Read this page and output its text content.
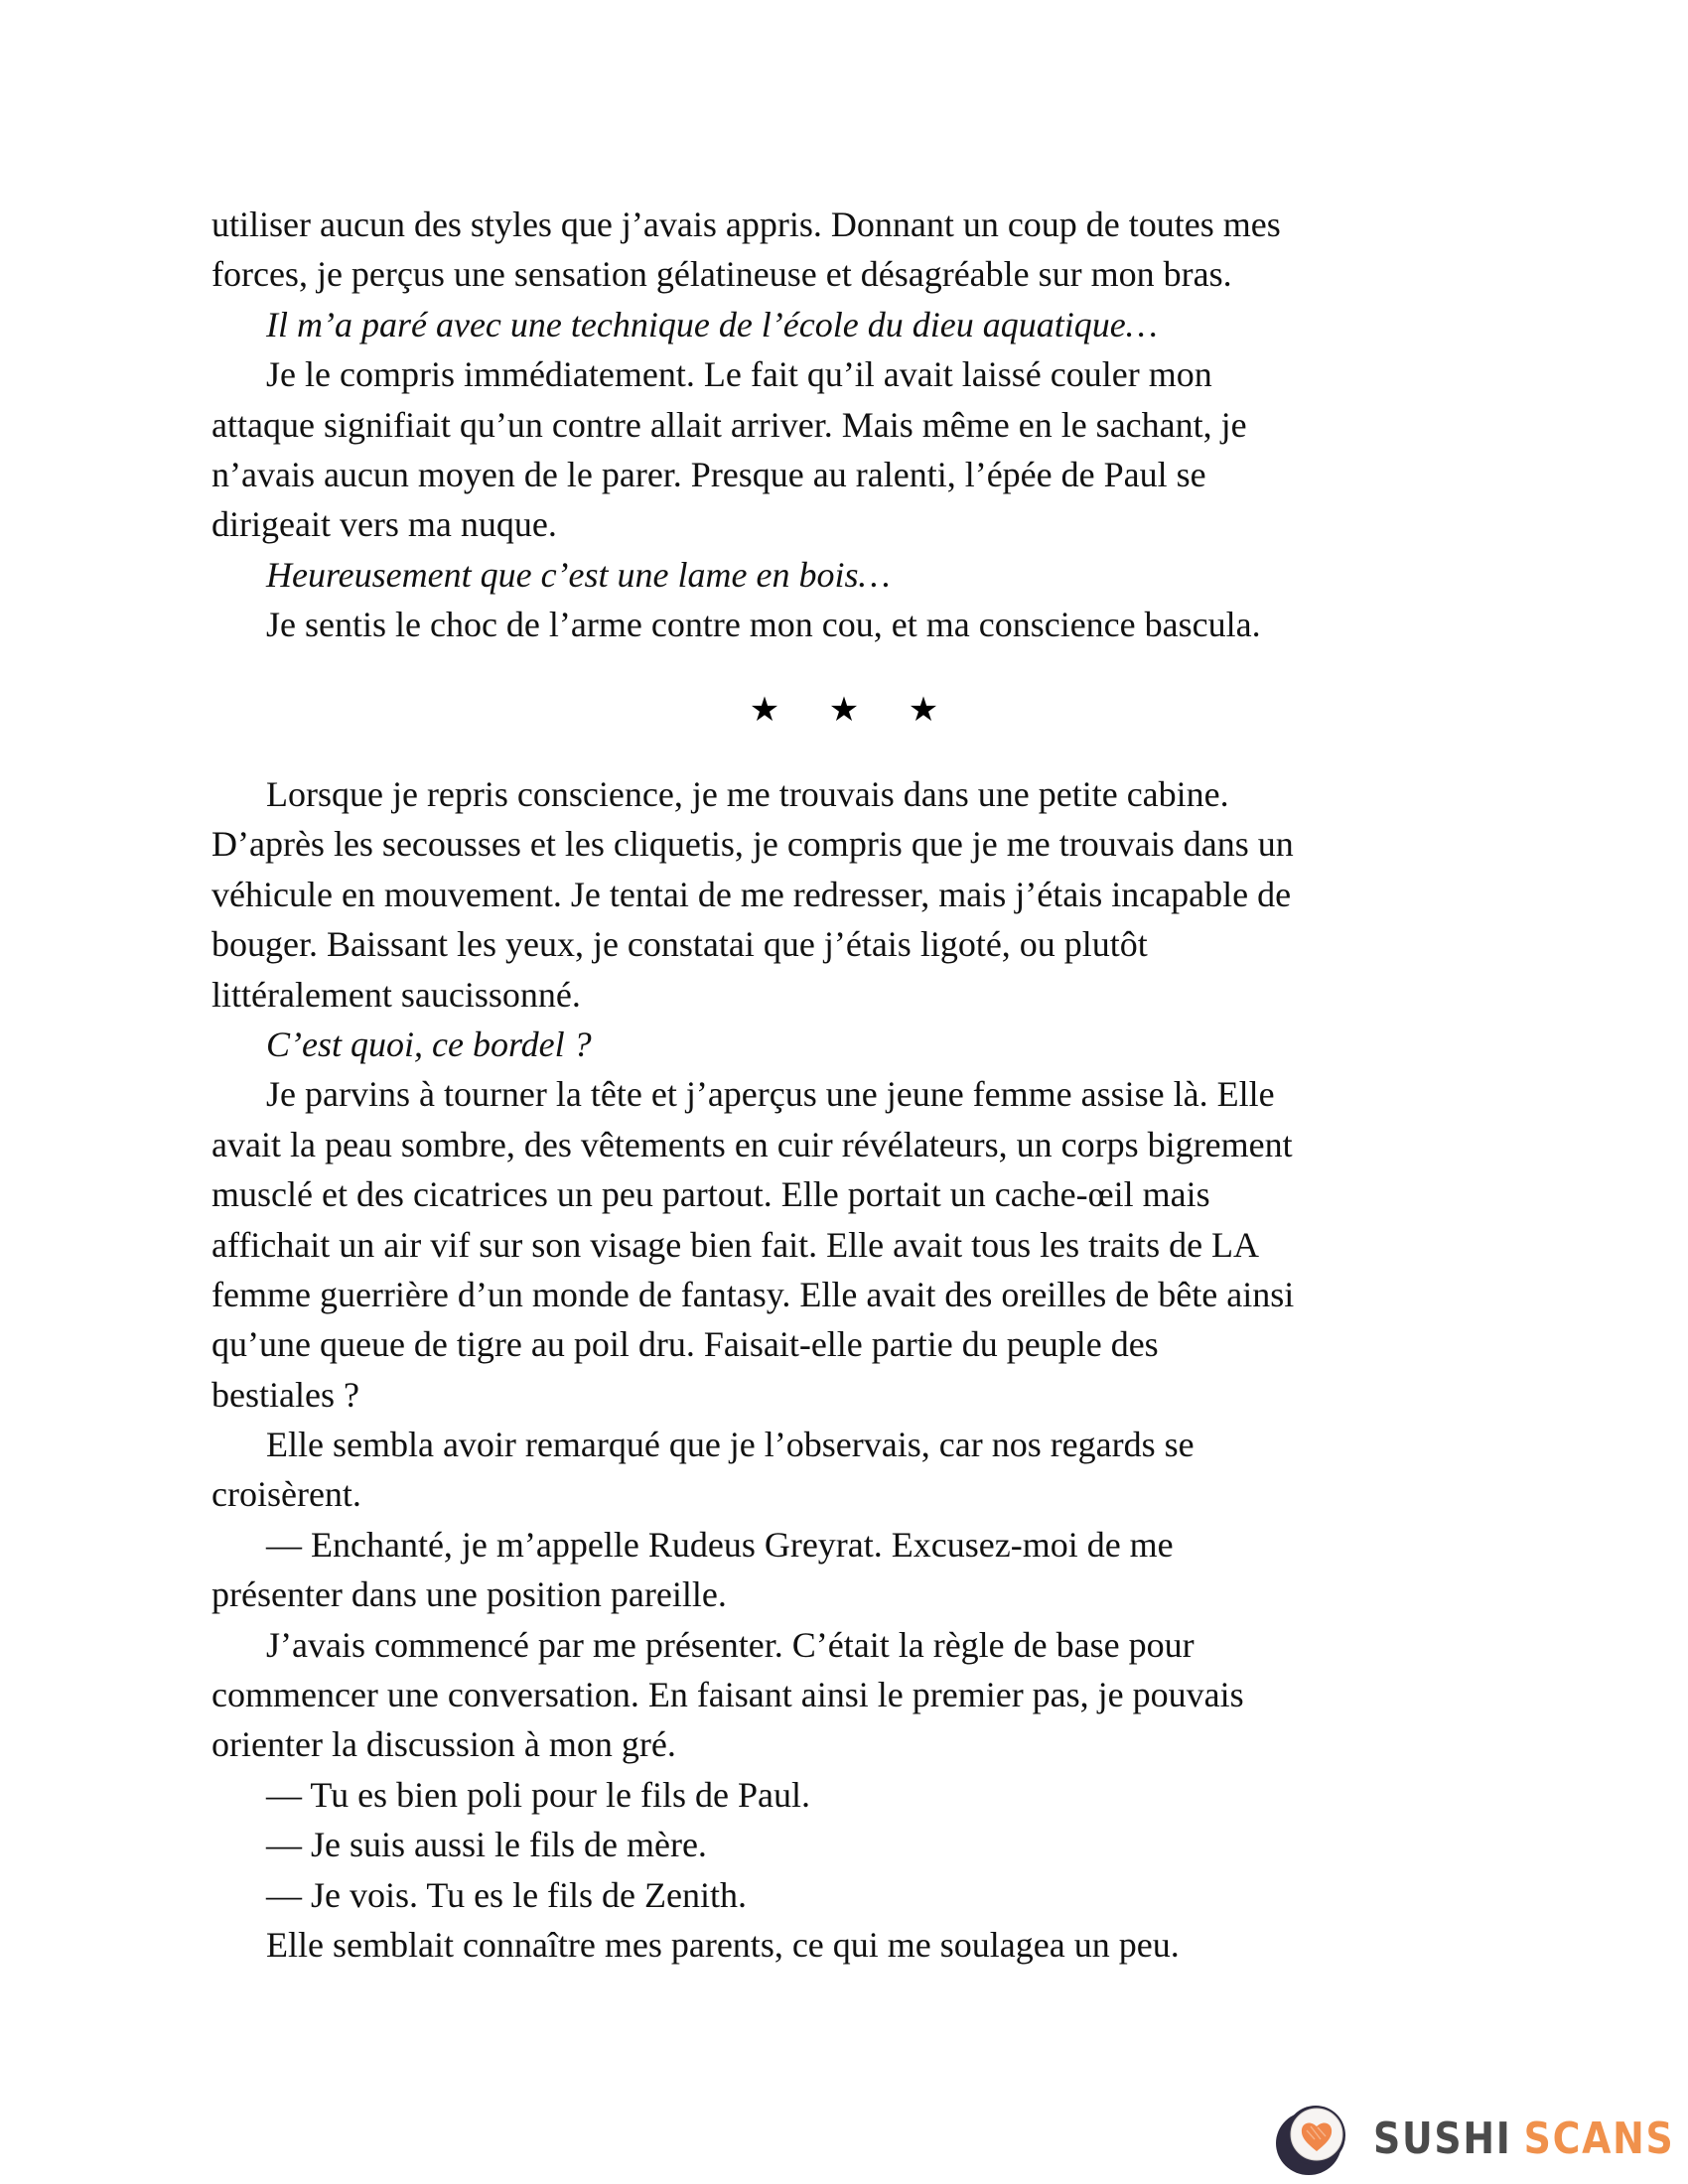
utiliser aucun des styles que j’avais appris. Donnant un coup de toutes mes
forces, je perçus une sensation gélatineuse et désagréable sur mon bras.
Il m’a paré avec une technique de l’école du dieu aquatique…
Je le compris immédiatement. Le fait qu’il avait laissé couler mon
attaque signifiait qu’un contre allait arriver. Mais même en le sachant, je
n’avais aucun moyen de le parer. Presque au ralenti, l’épée de Paul se
dirigeait vers ma nuque.
Heureusement que c’est une lame en bois…
Je sentis le choc de l’arme contre mon cou, et ma conscience bascula.
★	★	★
Lorsque je repris conscience, je me trouvais dans une petite cabine.
D’après les secousses et les cliquetis, je compris que je me trouvais dans un
véhicule en mouvement. Je tentai de me redresser, mais j’étais incapable de
bouger. Baissant les yeux, je constatai que j’étais ligoté, ou plutôt
littéralement saucissonné.
C’est quoi, ce bordel ?
Je parvins à tourner la tête et j’aperçus une jeune femme assise là. Elle
avait la peau sombre, des vêtements en cuir révélateurs, un corps bigrement
musclé et des cicatrices un peu partout. Elle portait un cache-œil mais
affichait un air vif sur son visage bien fait. Elle avait tous les traits de LA
femme guerrière d’un monde de fantasy. Elle avait des oreilles de bête ainsi
qu’une queue de tigre au poil dru. Faisait-elle partie du peuple des
bestiales ?
Elle sembla avoir remarqué que je l’observais, car nos regards se
croisèrent.
— Enchanté, je m’appelle Rudeus Greyrat. Excusez-moi de me
présenter dans une position pareille.
J’avais commencé par me présenter. C’était la règle de base pour
commencer une conversation. En faisant ainsi le premier pas, je pouvais
orienter la discussion à mon gré.
— Tu es bien poli pour le fils de Paul.
— Je suis aussi le fils de mère.
— Je vois. Tu es le fils de Zenith.
Elle semblait connaître mes parents, ce qui me soulagea un peu.
SUSHI SCANS
